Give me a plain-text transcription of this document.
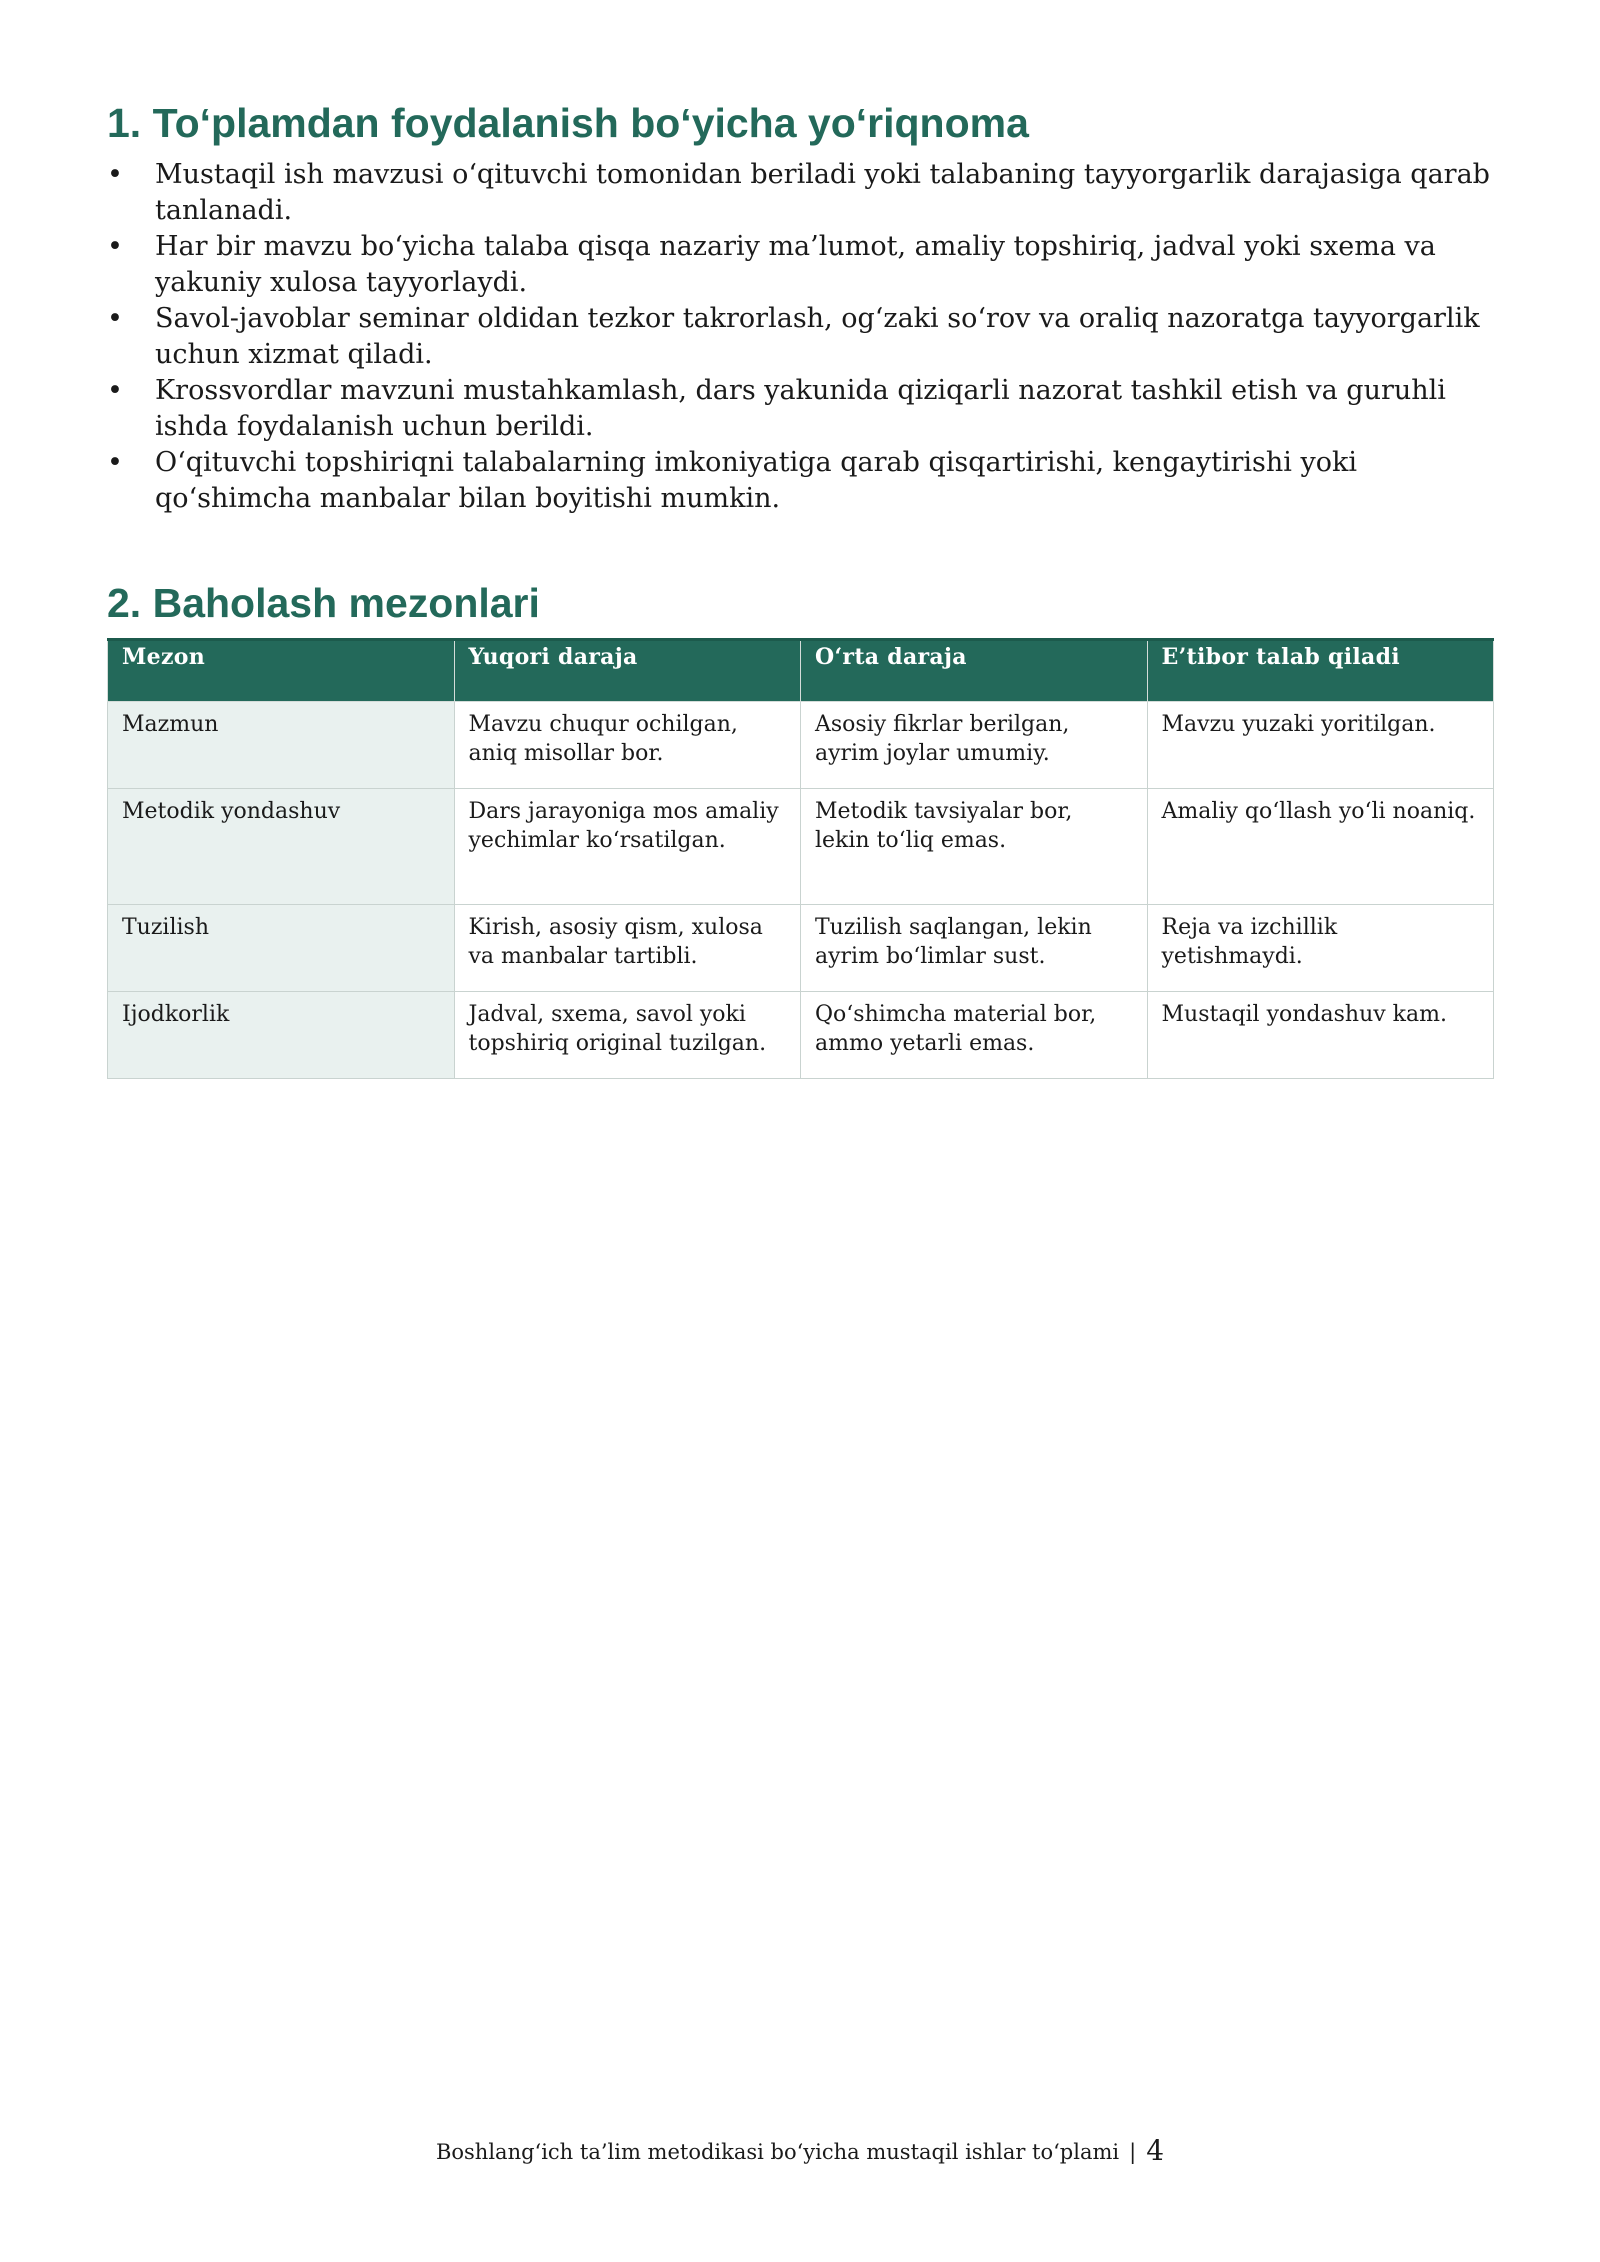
1. To‘plamdan foydalanish bo‘yicha yo‘riqnoma
• Mustaqil ish mavzusi o‘qituvchi tomonidan beriladi yoki talabaning tayyorgarlik darajasiga qarab tanlanadi.
• Har bir mavzu bo‘yicha talaba qisqa nazariy ma’lumot, amaliy topshiriq, jadval yoki sxema va yakuniy xulosa tayyorlaydi.
• Savol-javoblar seminar oldidan tezkor takrorlash, og‘zaki so‘rov va oraliq nazoratga tayyorgarlik uchun xizmat qiladi.
• Krossvordlar mavzuni mustahkamlash, dars yakunida qiziqarli nazorat tashkil etish va guruhli ishda foydalanish uchun berildi.
• O‘qituvchi topshiriqni talabalarning imkoniyatiga qarab qisqartirishi, kengaytirishi yoki qo‘shimcha manbalar bilan boyitishi mumkin.
2. Baholash mezonlari
Mezon	Yuqori daraja	O‘rta daraja	E’tibor talab qiladi
Mazmun	Mavzu chuqur ochilgan, aniq misollar bor.	Asosiy fikrlar berilgan, ayrim joylar umumiy.	Mavzu yuzaki yoritilgan.
Metodik yondashuv	Dars jarayoniga mos amaliy yechimlar ko‘rsatilgan.	Metodik tavsiyalar bor, lekin to‘liq emas.	Amaliy qo‘llash yo‘li noaniq.
Tuzilish	Kirish, asosiy qism, xulosa va manbalar tartibli.	Tuzilish saqlangan, lekin ayrim bo‘limlar sust.	Reja va izchillik yetishmaydi.
Ijodkorlik	Jadval, sxema, savol yoki topshiriq original tuzilgan.	Qo‘shimcha material bor, ammo yetarli emas.	Mustaqil yondashuv kam.
Boshlang‘ich ta’lim metodikasi bo‘yicha mustaqil ishlar to‘plami | 4
